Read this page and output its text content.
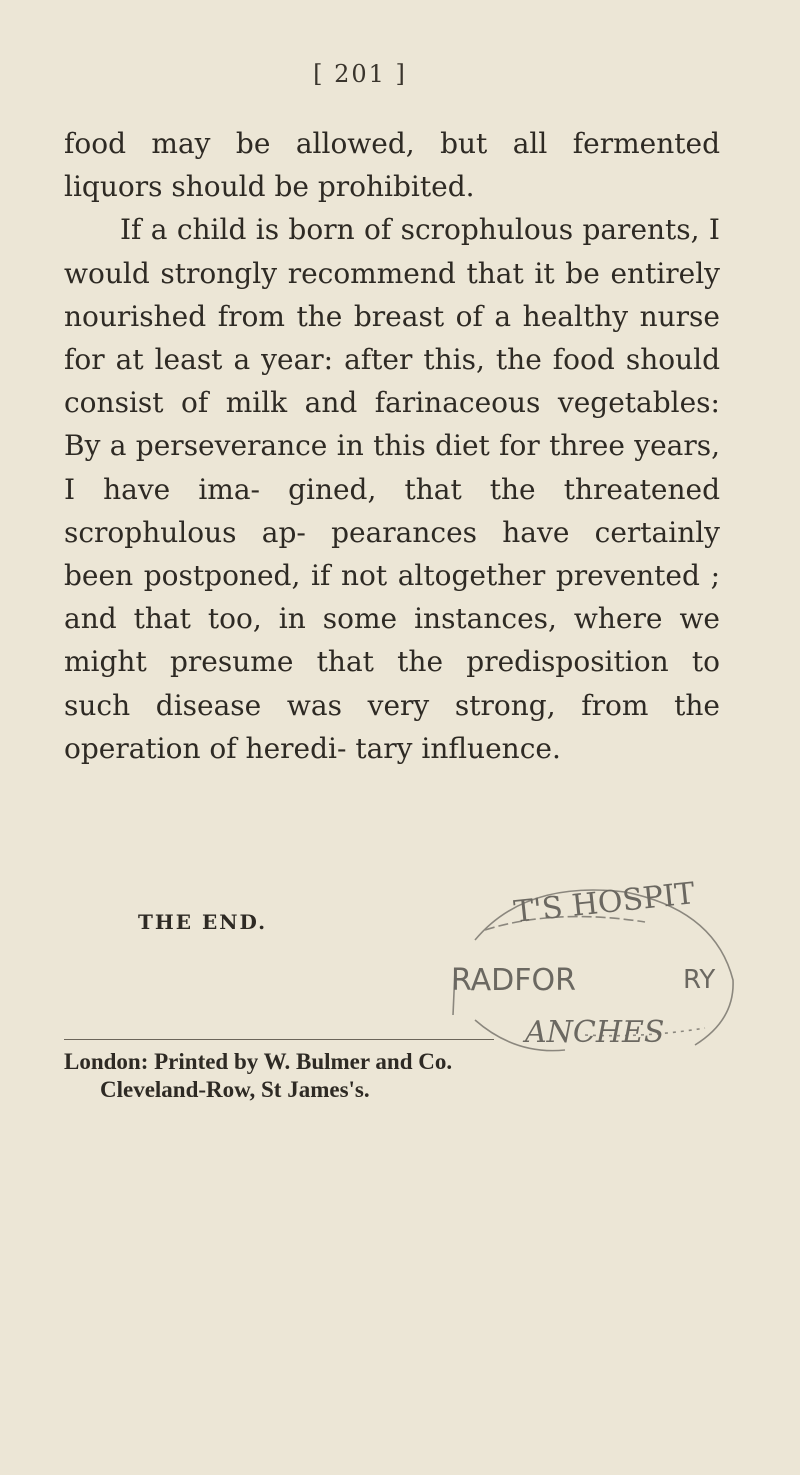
[ 201 ]

food may be allowed, but all fermented liquors should be prohibited.

If a child is born of scrophulous parents, I would strongly recommend that it be entirely nourished from the breast of a healthy nurse for at least a year: after this, the food should consist of milk and farinaceous vegetables: By a perseverance in this diet for three years, I have ima- gined, that the threatened scrophulous ap- pearances have certainly been postponed, if not altogether prevented ; and that too, in some instances, where we might presume that the predisposition to such disease was very strong, from the operation of heredi- tary influence.

THE END.	T'S HOSPIT
RADFOR	RY
ANCHES
London: Printed by W. Bulmer and Co.
Cleveland-Row, St James's.
